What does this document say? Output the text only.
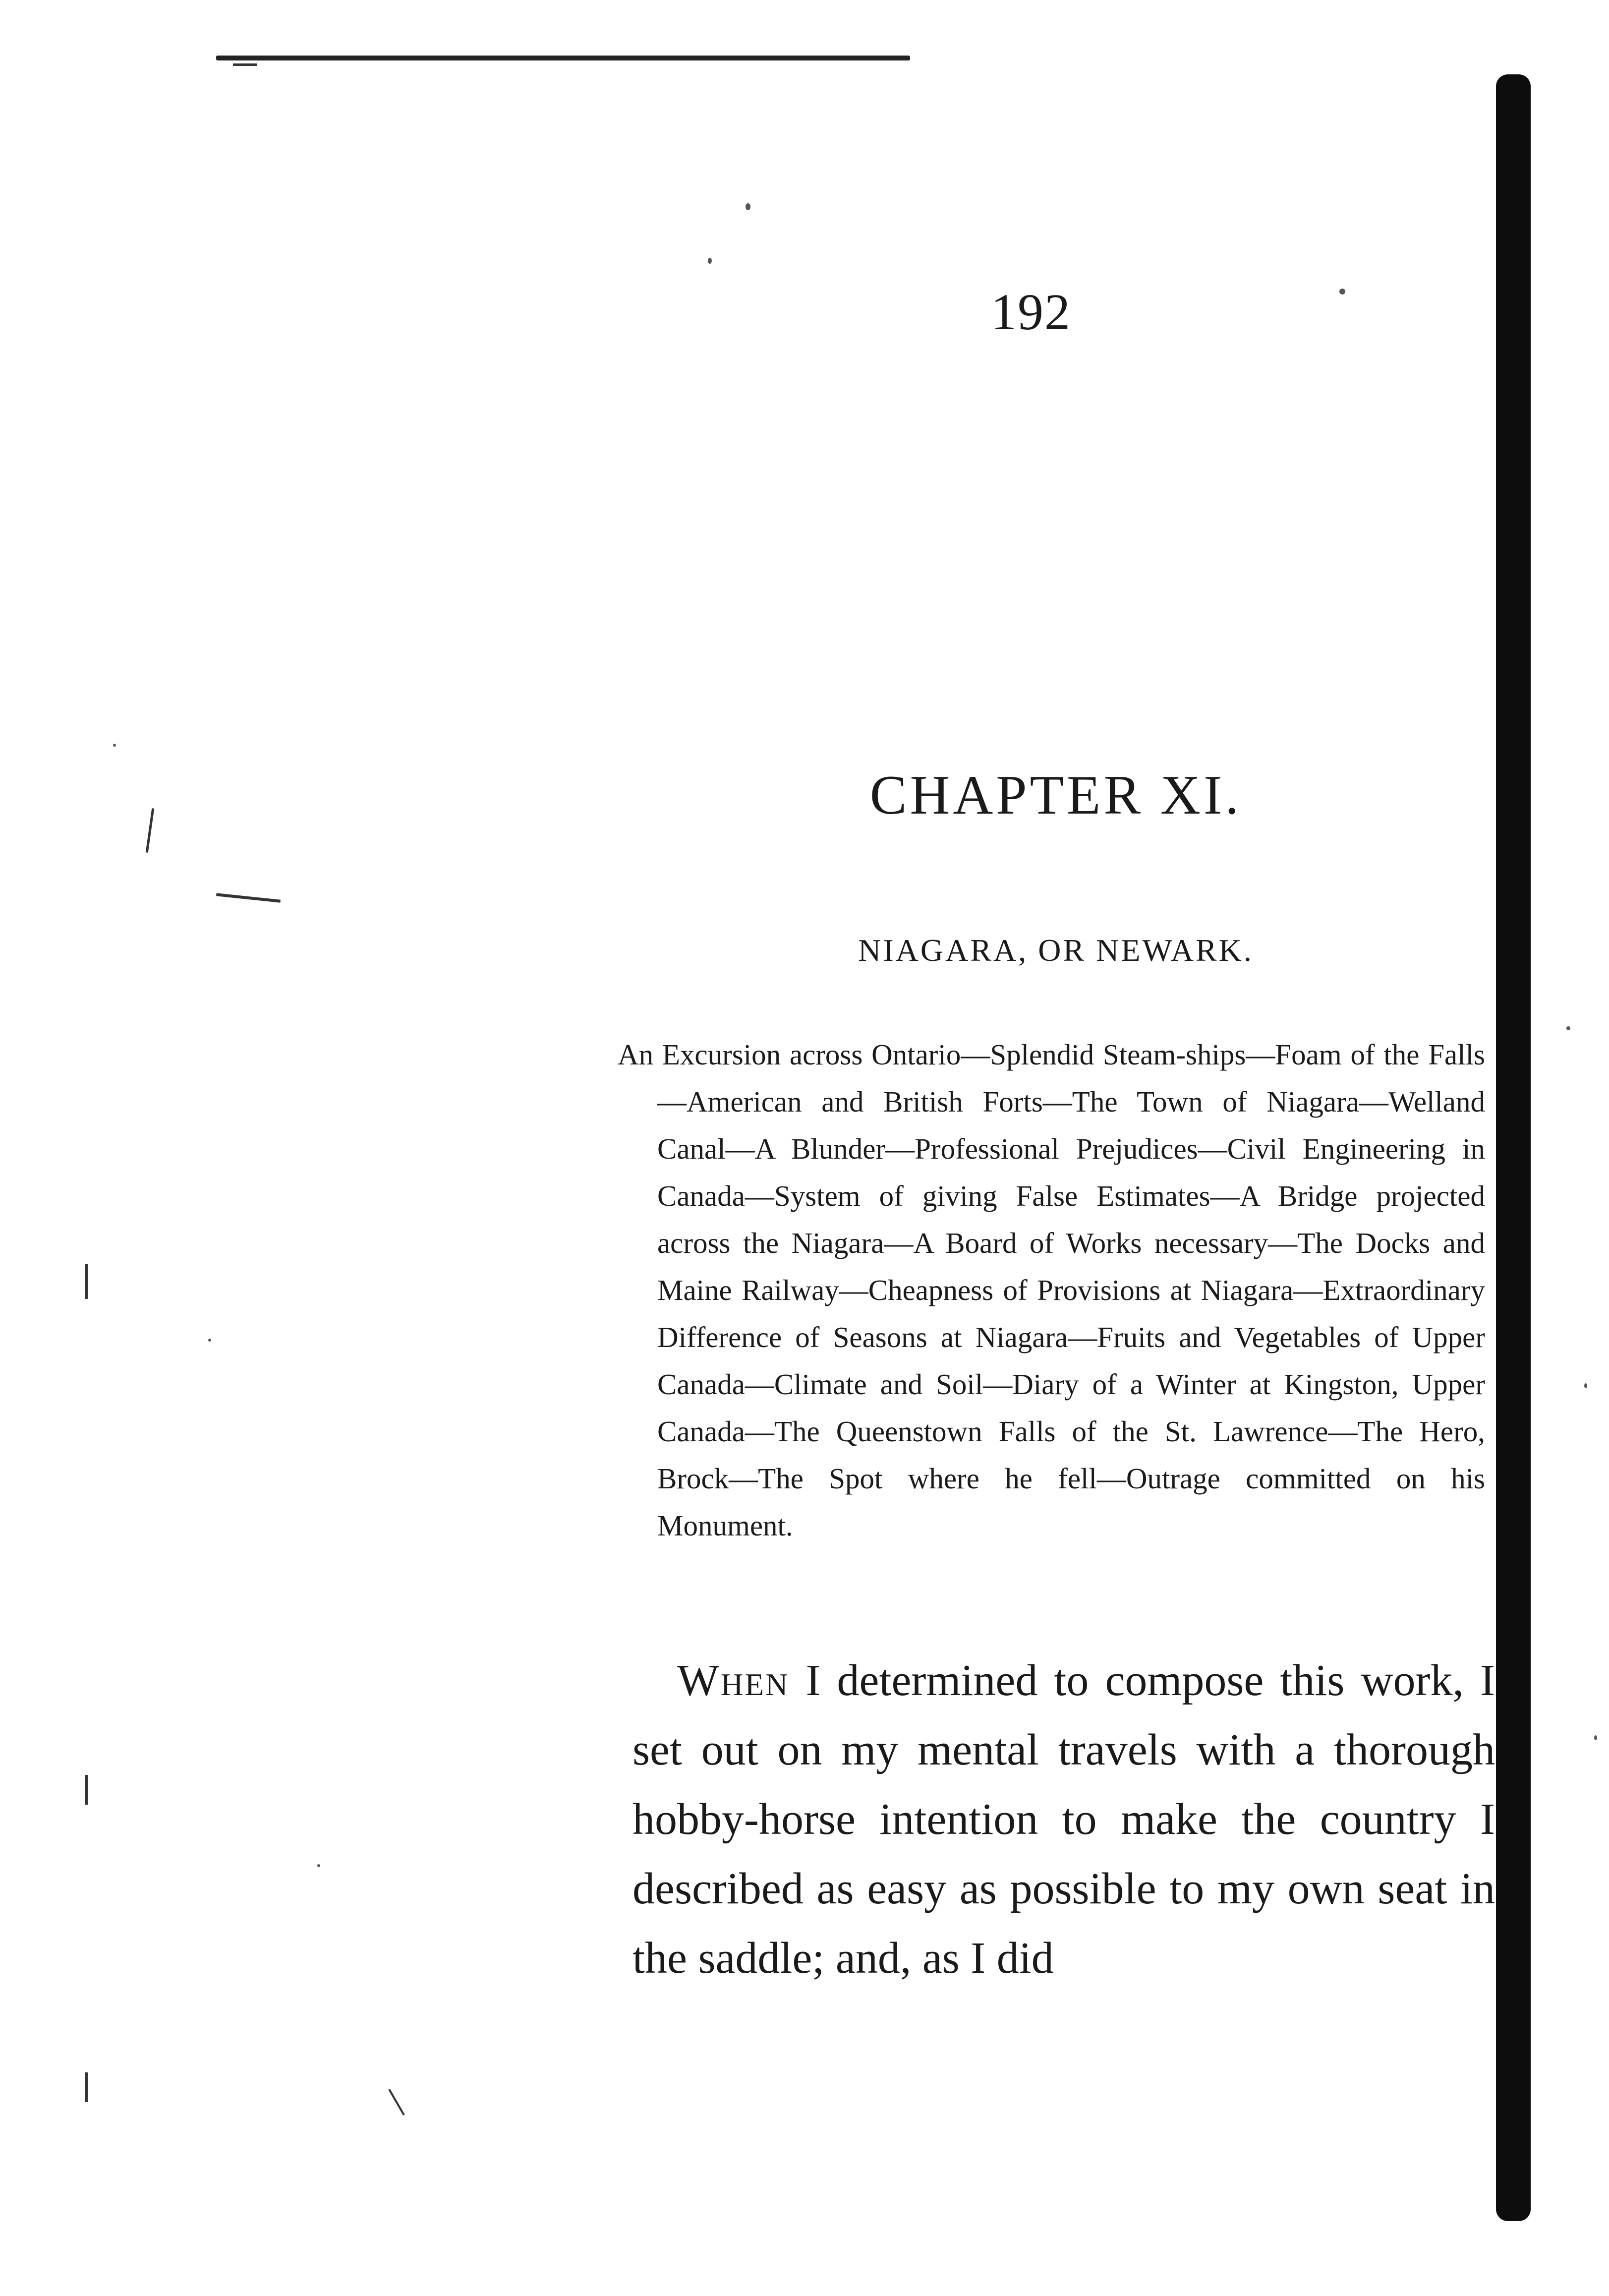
192
CHAPTER XI.
NIAGARA, OR NEWARK.
An Excursion across Ontario—Splendid Steam-ships—Foam of the Falls—American and British Forts—The Town of Niagara—Welland Canal—A Blunder—Professional Prejudices—Civil Engineering in Canada—System of giving False Estimates—A Bridge projected across the Niagara—A Board of Works necessary—The Docks and Maine Railway—Cheapness of Provisions at Niagara—Extraordinary Difference of Seasons at Niagara—Fruits and Vegetables of Upper Canada—Climate and Soil—Diary of a Winter at Kingston, Upper Canada—The Queenstown Falls of the St. Lawrence—The Hero, Brock—The Spot where he fell—Outrage committed on his Monument.
When I determined to compose this work, I set out on my mental travels with a thorough hobby-horse intention to make the country I described as easy as possible to my own seat in the saddle; and, as I did
